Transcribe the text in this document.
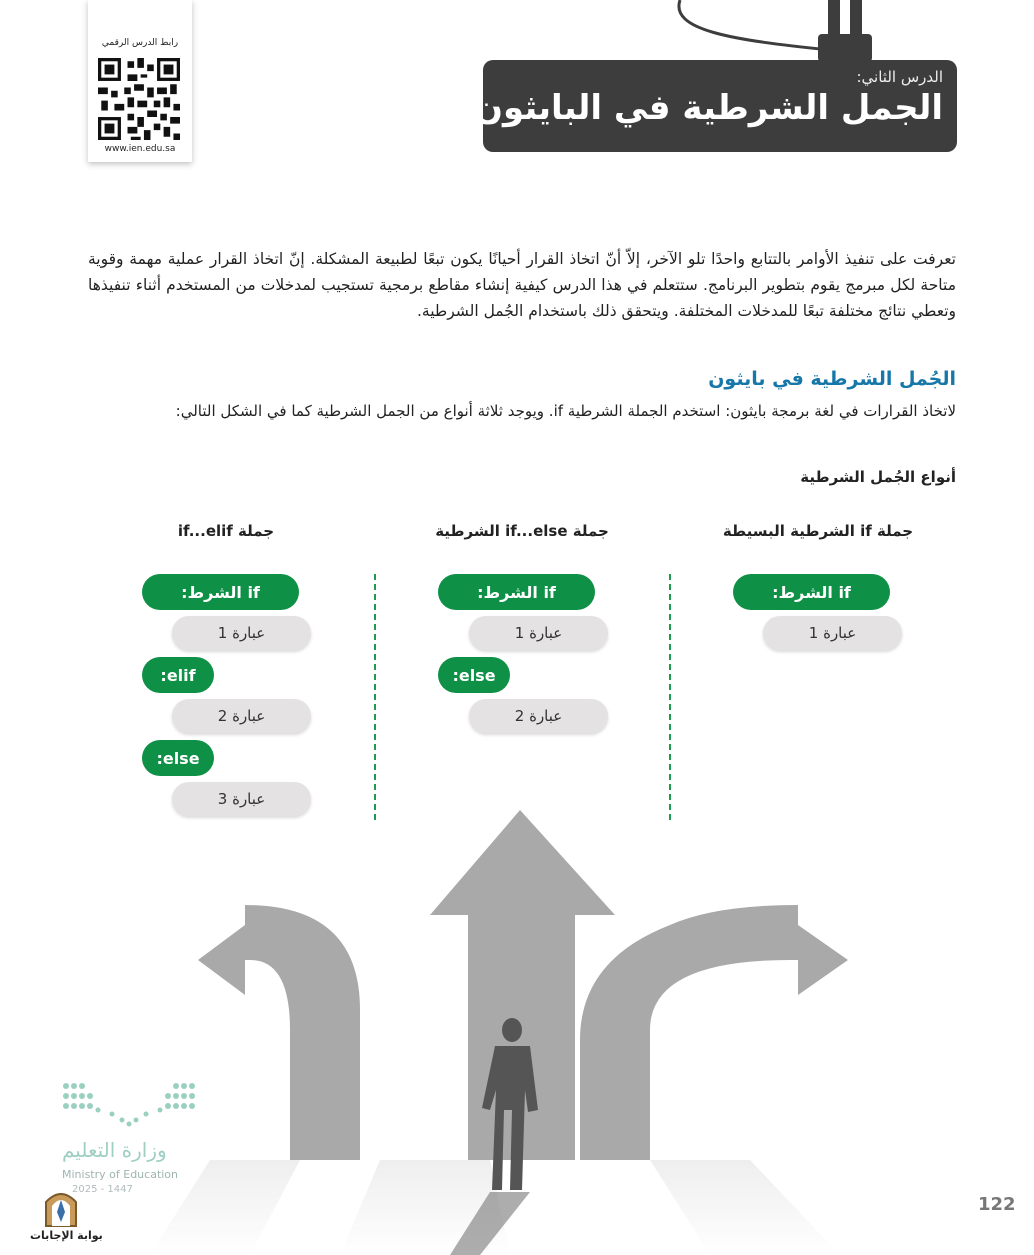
رابط الدرس الرقمي
www.ien.edu.sa
الدرس الثاني:
الجمل الشرطية في البايثون
تعرفت على تنفيذ الأوامر بالتتابع واحدًا تلو الآخر، إلاّ أنّ اتخاذ القرار أحيانًا يكون تبعًا لطبيعة المشكلة. إنّ اتخاذ القرار عملية مهمة وقوية متاحة لكل مبرمج يقوم بتطوير البرنامج. ستتعلم في هذا الدرس كيفية إنشاء مقاطع برمجية تستجيب لمدخلات من المستخدم أثناء تنفيذها وتعطي نتائج مختلفة تبعًا للمدخلات المختلفة. ويتحقق ذلك باستخدام الجُمل الشرطية.
الجُمل الشرطية في بايثون
لاتخاذ القرارات في لغة برمجة بايثون: استخدم الجملة الشرطية if. ويوجد ثلاثة أنواع من الجمل الشرطية كما في الشكل التالي:
أنواع الجُمل الشرطية
جملة if الشرطية البسيطة
جملة if...else الشرطية
جملة if...elif
if الشرط:
عبارة 1
if الشرط:
عبارة 1
else:
عبارة 2
if الشرط:
عبارة 1
elif:
عبارة 2
else:
عبارة 3
وزارة التعليم
Ministry of Education
2025 - 1447
بوابة الإجابات
122
